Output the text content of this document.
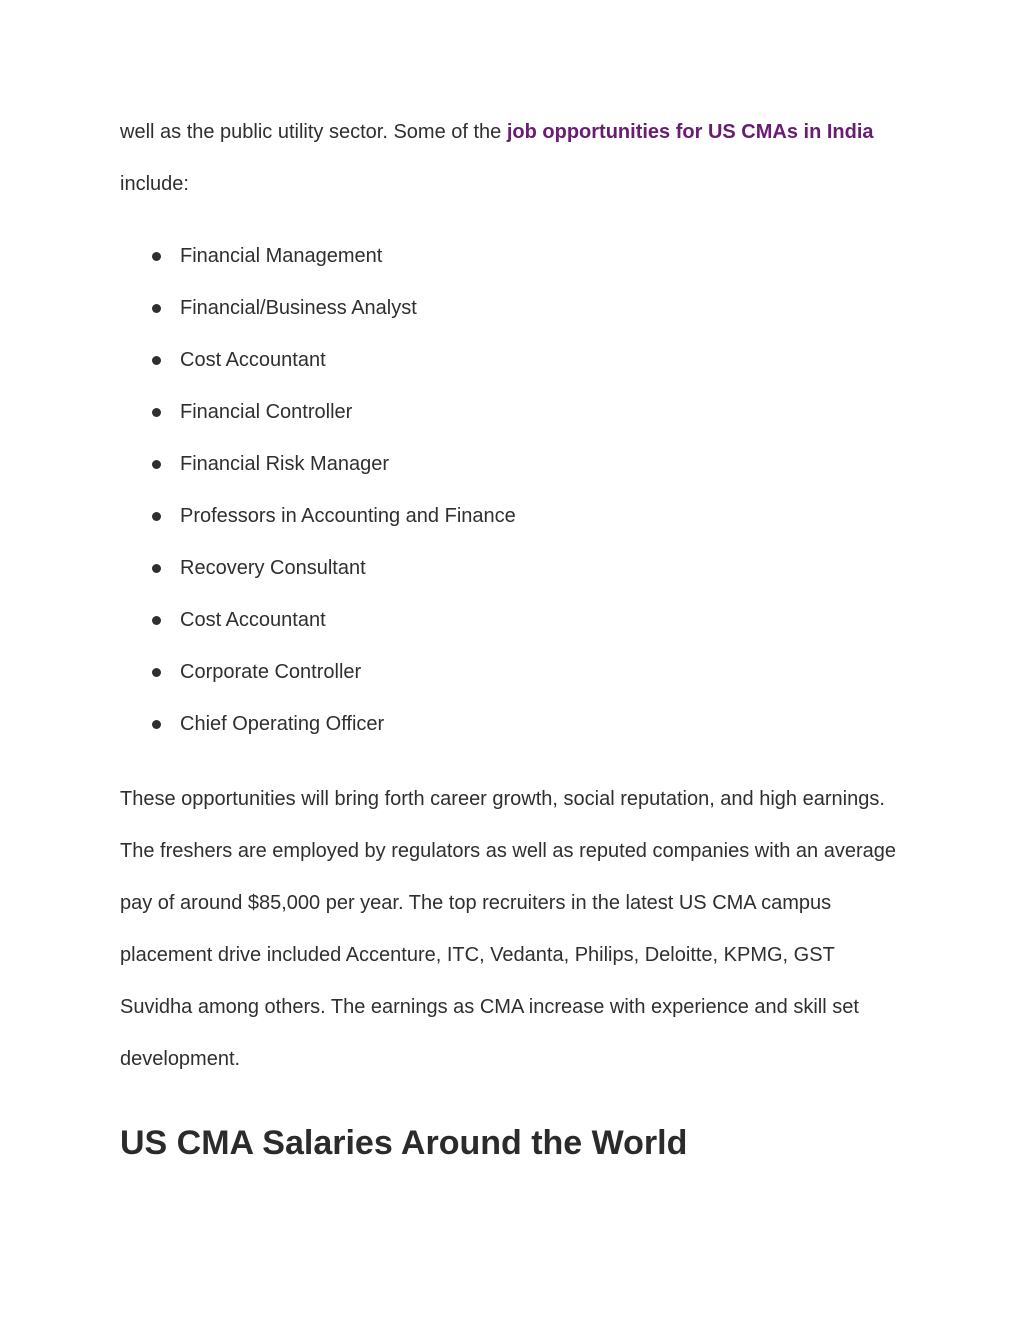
well as the public utility sector. Some of the job opportunities for US CMAs in India include:

Financial Management
Financial/Business Analyst
Cost Accountant
Financial Controller
Financial Risk Manager
Professors in Accounting and Finance
Recovery Consultant
Cost Accountant
Corporate Controller
Chief Operating Officer

These opportunities will bring forth career growth, social reputation, and high earnings. The freshers are employed by regulators as well as reputed companies with an average pay of around $85,000 per year. The top recruiters in the latest US CMA campus placement drive included Accenture, ITC, Vedanta, Philips, Deloitte, KPMG, GST Suvidha among others. The earnings as CMA increase with experience and skill set development.

US CMA Salaries Around the World
